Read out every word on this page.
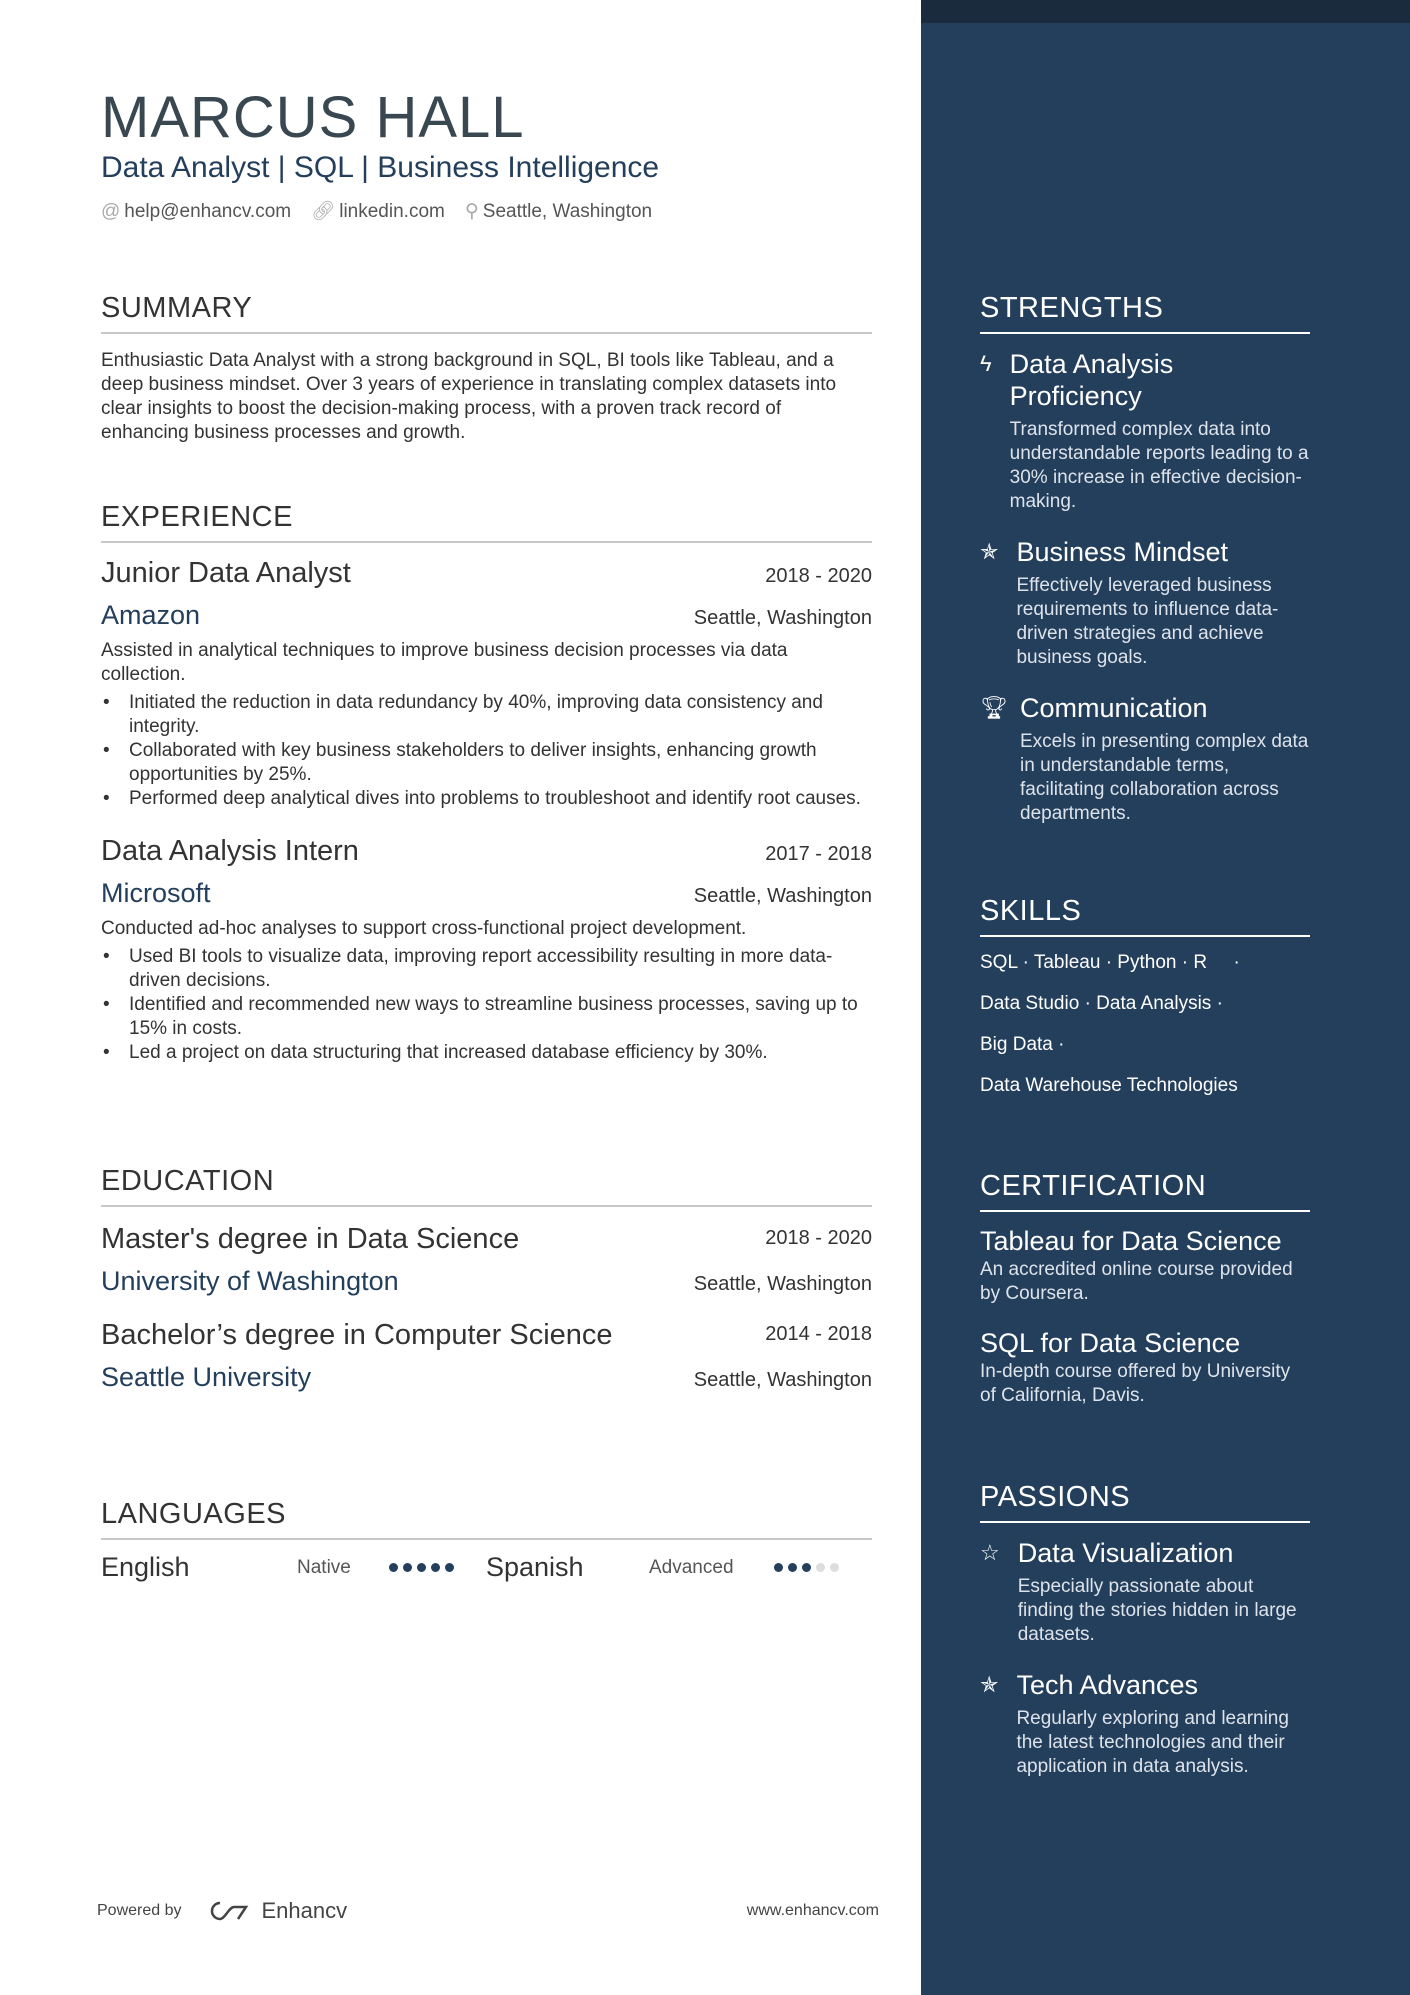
MARCUS HALL
Data Analyst | SQL | Business Intelligence
@ help@enhancv.com 🔗︎ linkedin.com ⚲ Seattle, Washington
SUMMARY
Enthusiastic Data Analyst with a strong background in SQL, BI tools like Tableau, and a deep business mindset. Over 3 years of experience in translating complex datasets into clear insights to boost the decision-making process, with a proven track record of enhancing business processes and growth.
EXPERIENCE
Junior Data Analyst	2018 - 2020
Amazon	Seattle, Washington
Assisted in analytical techniques to improve business decision processes via data collection.
• Initiated the reduction in data redundancy by 40%, improving data consistency and integrity.
• Collaborated with key business stakeholders to deliver insights, enhancing growth opportunities by 25%.
• Performed deep analytical dives into problems to troubleshoot and identify root causes.
Data Analysis Intern	2017 - 2018
Microsoft	Seattle, Washington
Conducted ad-hoc analyses to support cross-functional project development.
• Used BI tools to visualize data, improving report accessibility resulting in more data-driven decisions.
• Identified and recommended new ways to streamline business processes, saving up to 15% in costs.
• Led a project on data structuring that increased database efficiency by 30%.
EDUCATION
Master's degree in Data Science	2018 - 2020
University of Washington	Seattle, Washington
Bachelor’s degree in Computer Science	2014 - 2018
Seattle University	Seattle, Washington
LANGUAGES
English	Native	Spanish	Advanced
Powered by	Enhancv	www.enhancv.com
STRENGTHS
ϟ Data Analysis Proficiency
Transformed complex data into understandable reports leading to a 30% increase in effective decision-making.
✯ Business Mindset
Effectively leveraged business requirements to influence data-driven strategies and achieve business goals.
🏆︎ Communication
Excels in presenting complex data in understandable terms, facilitating collaboration across departments.
SKILLS
SQL · Tableau · Python · R     ·
Data Studio · Data Analysis ·
Big Data ·
Data Warehouse Technologies
CERTIFICATION
Tableau for Data Science
An accredited online course provided by Coursera.
SQL for Data Science
In-depth course offered by University of California, Davis.
PASSIONS
☆ Data Visualization
Especially passionate about finding the stories hidden in large datasets.
✯ Tech Advances
Regularly exploring and learning the latest technologies and their application in data analysis.
